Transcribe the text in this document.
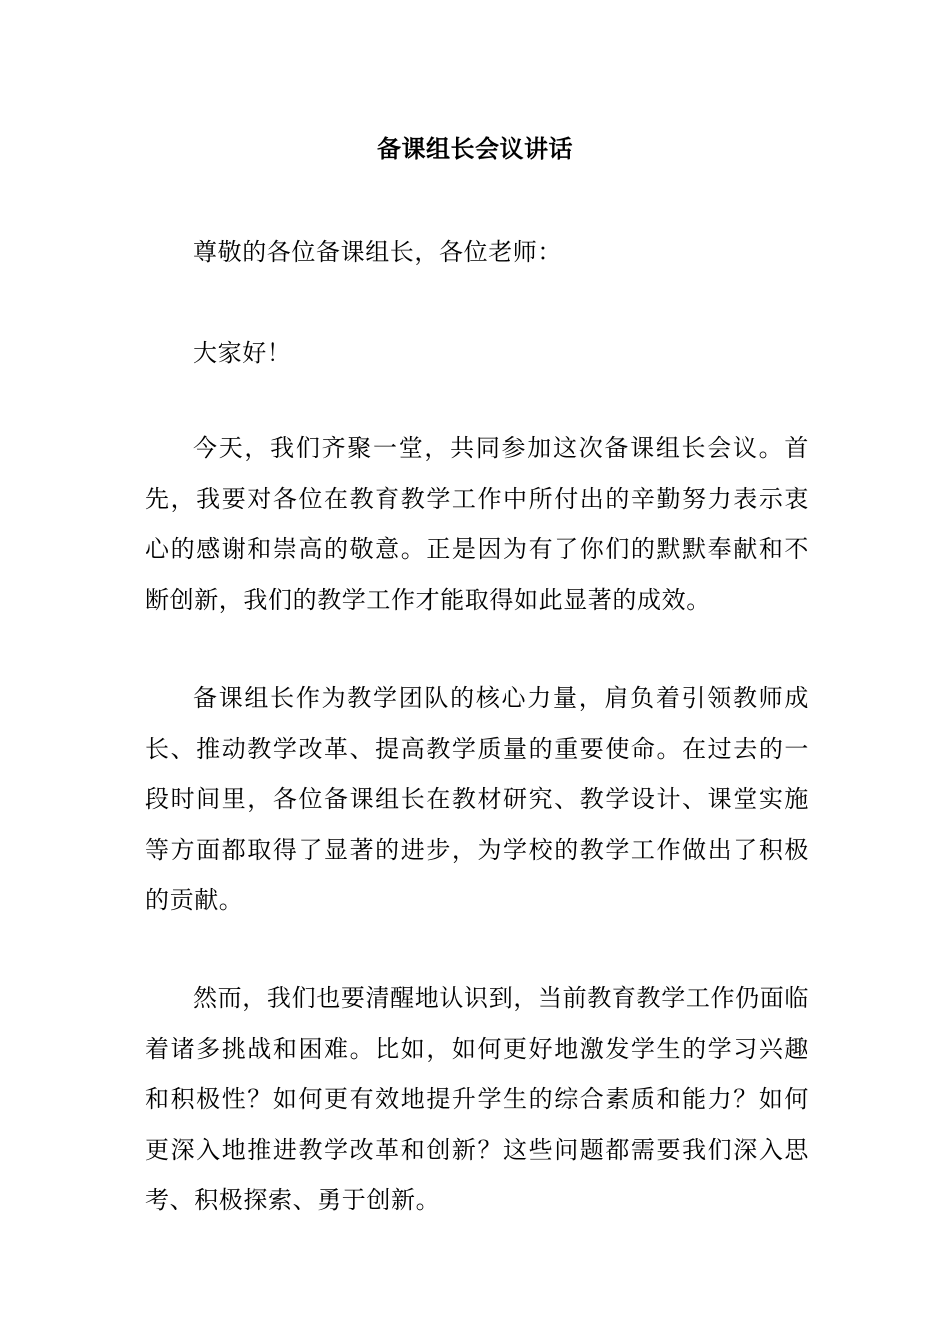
备课组长会议讲话

尊敬的各位备课组长，各位老师：

大家好！

今天，我们齐聚一堂，共同参加这次备课组长会议。首先，我要对各位在教育教学工作中所付出的辛勤努力表示衷心的感谢和崇高的敬意。正是因为有了你们的默默奉献和不断创新，我们的教学工作才能取得如此显著的成效。

备课组长作为教学团队的核心力量，肩负着引领教师成长、推动教学改革、提高教学质量的重要使命。在过去的一段时间里，各位备课组长在教材研究、教学设计、课堂实施等方面都取得了显著的进步，为学校的教学工作做出了积极的贡献。

然而，我们也要清醒地认识到，当前教育教学工作仍面临着诸多挑战和困难。比如，如何更好地激发学生的学习兴趣和积极性？如何更有效地提升学生的综合素质和能力？如何更深入地推进教学改革和创新？这些问题都需要我们深入思考、积极探索、勇于创新。
